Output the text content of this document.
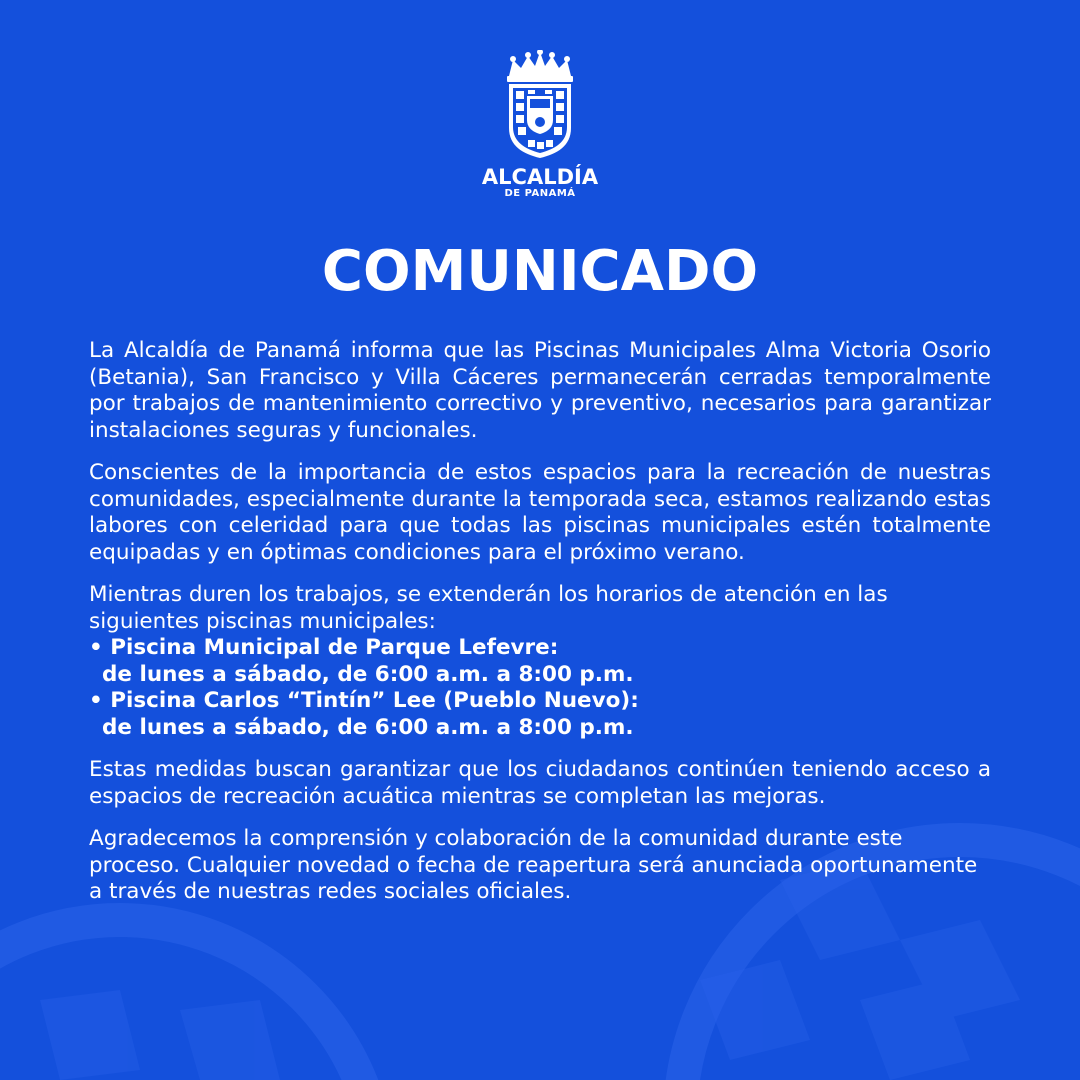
ALCALDÍA
DE PANAMÁ
COMUNICADO

La Alcaldía de Panamá informa que las Piscinas Municipales Alma Victoria Osorio (Betania), San Francisco y Villa Cáceres permanecerán cerradas temporalmente por trabajos de mantenimiento correctivo y preventivo, necesarios para garantizar instalaciones seguras y funcionales.

Conscientes de la importancia de estos espacios para la recreación de nuestras comunidades, especialmente durante la temporada seca, estamos realizando estas labores con celeridad para que todas las piscinas municipales estén totalmente equipadas y en óptimas condiciones para el próximo verano.

Mientras duren los trabajos, se extenderán los horarios de atención en las siguientes piscinas municipales:
• Piscina Municipal de Parque Lefevre:
de lunes a sábado, de 6:00 a.m. a 8:00 p.m.
• Piscina Carlos “Tintín” Lee (Pueblo Nuevo):
de lunes a sábado, de 6:00 a.m. a 8:00 p.m.

Estas medidas buscan garantizar que los ciudadanos continúen teniendo acceso a espacios de recreación acuática mientras se completan las mejoras.

Agradecemos la comprensión y colaboración de la comunidad durante este proceso. Cualquier novedad o fecha de reapertura será anunciada oportunamente a través de nuestras redes sociales oficiales.
